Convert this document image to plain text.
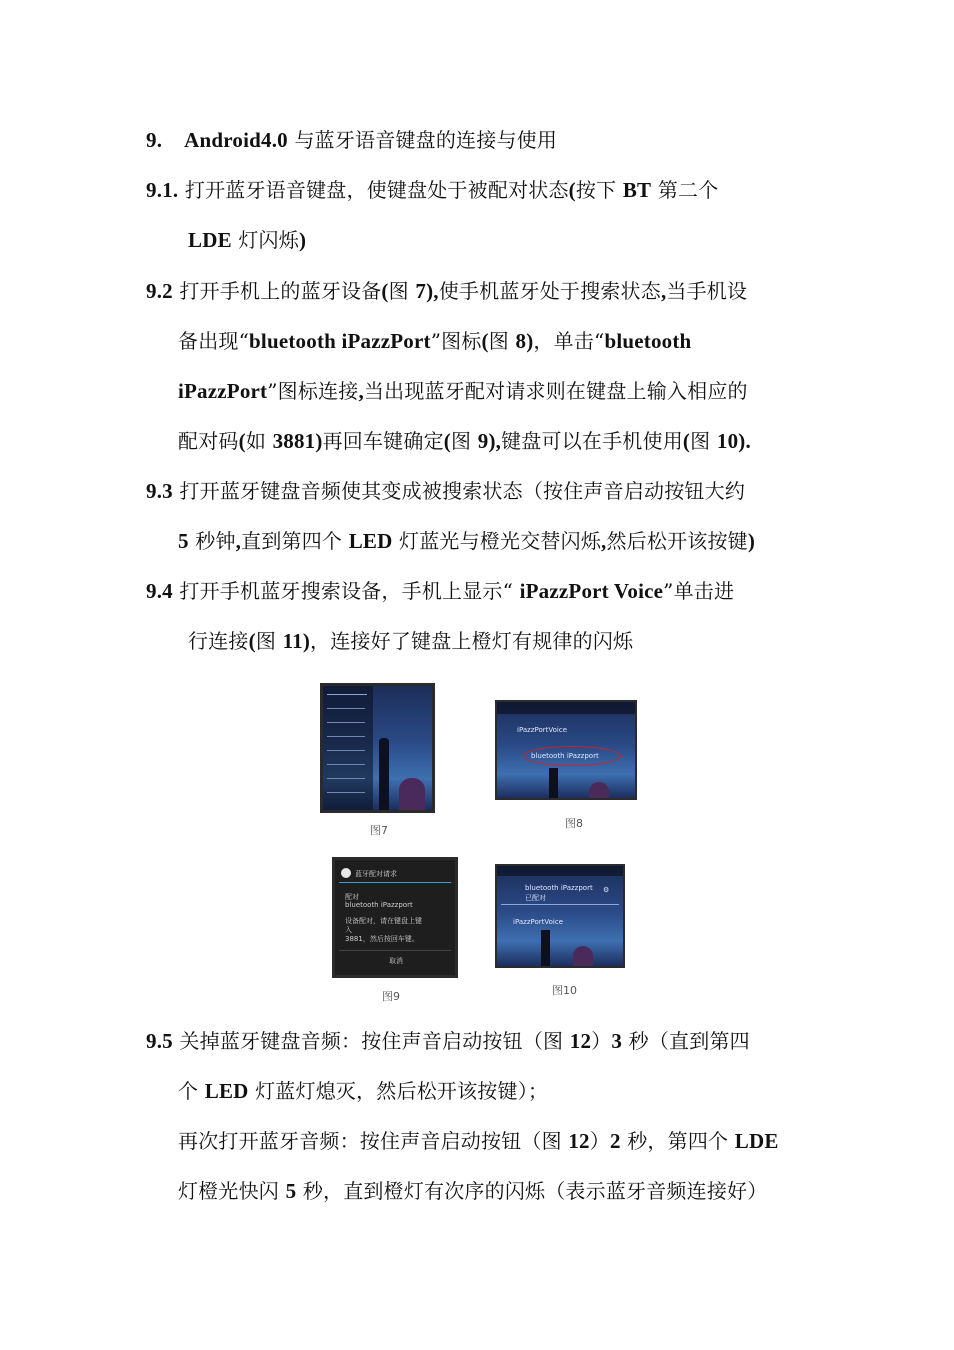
9. Android4.0 与蓝牙语音键盘的连接与使用
9.1. 打开蓝牙语音键盘，使键盘处于被配对状态(按下 BT 第二个
LDE 灯闪烁)
9.2 打开手机上的蓝牙设备(图 7),使手机蓝牙处于搜索状态,当手机设
备出现“bluetooth iPazzPort”图标(图 8)，单击“bluetooth
iPazzPort”图标连接,当出现蓝牙配对请求则在键盘上输入相应的
配对码(如 3881)再回车键确定(图 9),键盘可以在手机使用(图 10).
9.3 打开蓝牙键盘音频使其变成被搜索状态（按住声音启动按钮大约
5 秒钟,直到第四个 LED 灯蓝光与橙光交替闪烁,然后松开该按键)
9.4 打开手机蓝牙搜索设备，手机上显示“ iPazzPort Voice”单击进
行连接(图 11)，连接好了键盘上橙灯有规律的闪烁
图7
iPazzPortVoice
bluetooth iPazzport
图8
蓝牙配对请求
配对
bluetooth iPazzport
设备配对，请在键盘上键
入
3881，然后按回车键。
取消
图9
bluetooth iPazzport
已配对
⚙
iPazzPortVoice
图10
9.5 关掉蓝牙键盘音频：按住声音启动按钮（图 12）3 秒（直到第四
个 LED 灯蓝灯熄灭，然后松开该按键）；
再次打开蓝牙音频：按住声音启动按钮（图 12）2 秒，第四个 LDE
灯橙光快闪 5 秒，直到橙灯有次序的闪烁（表示蓝牙音频连接好）
